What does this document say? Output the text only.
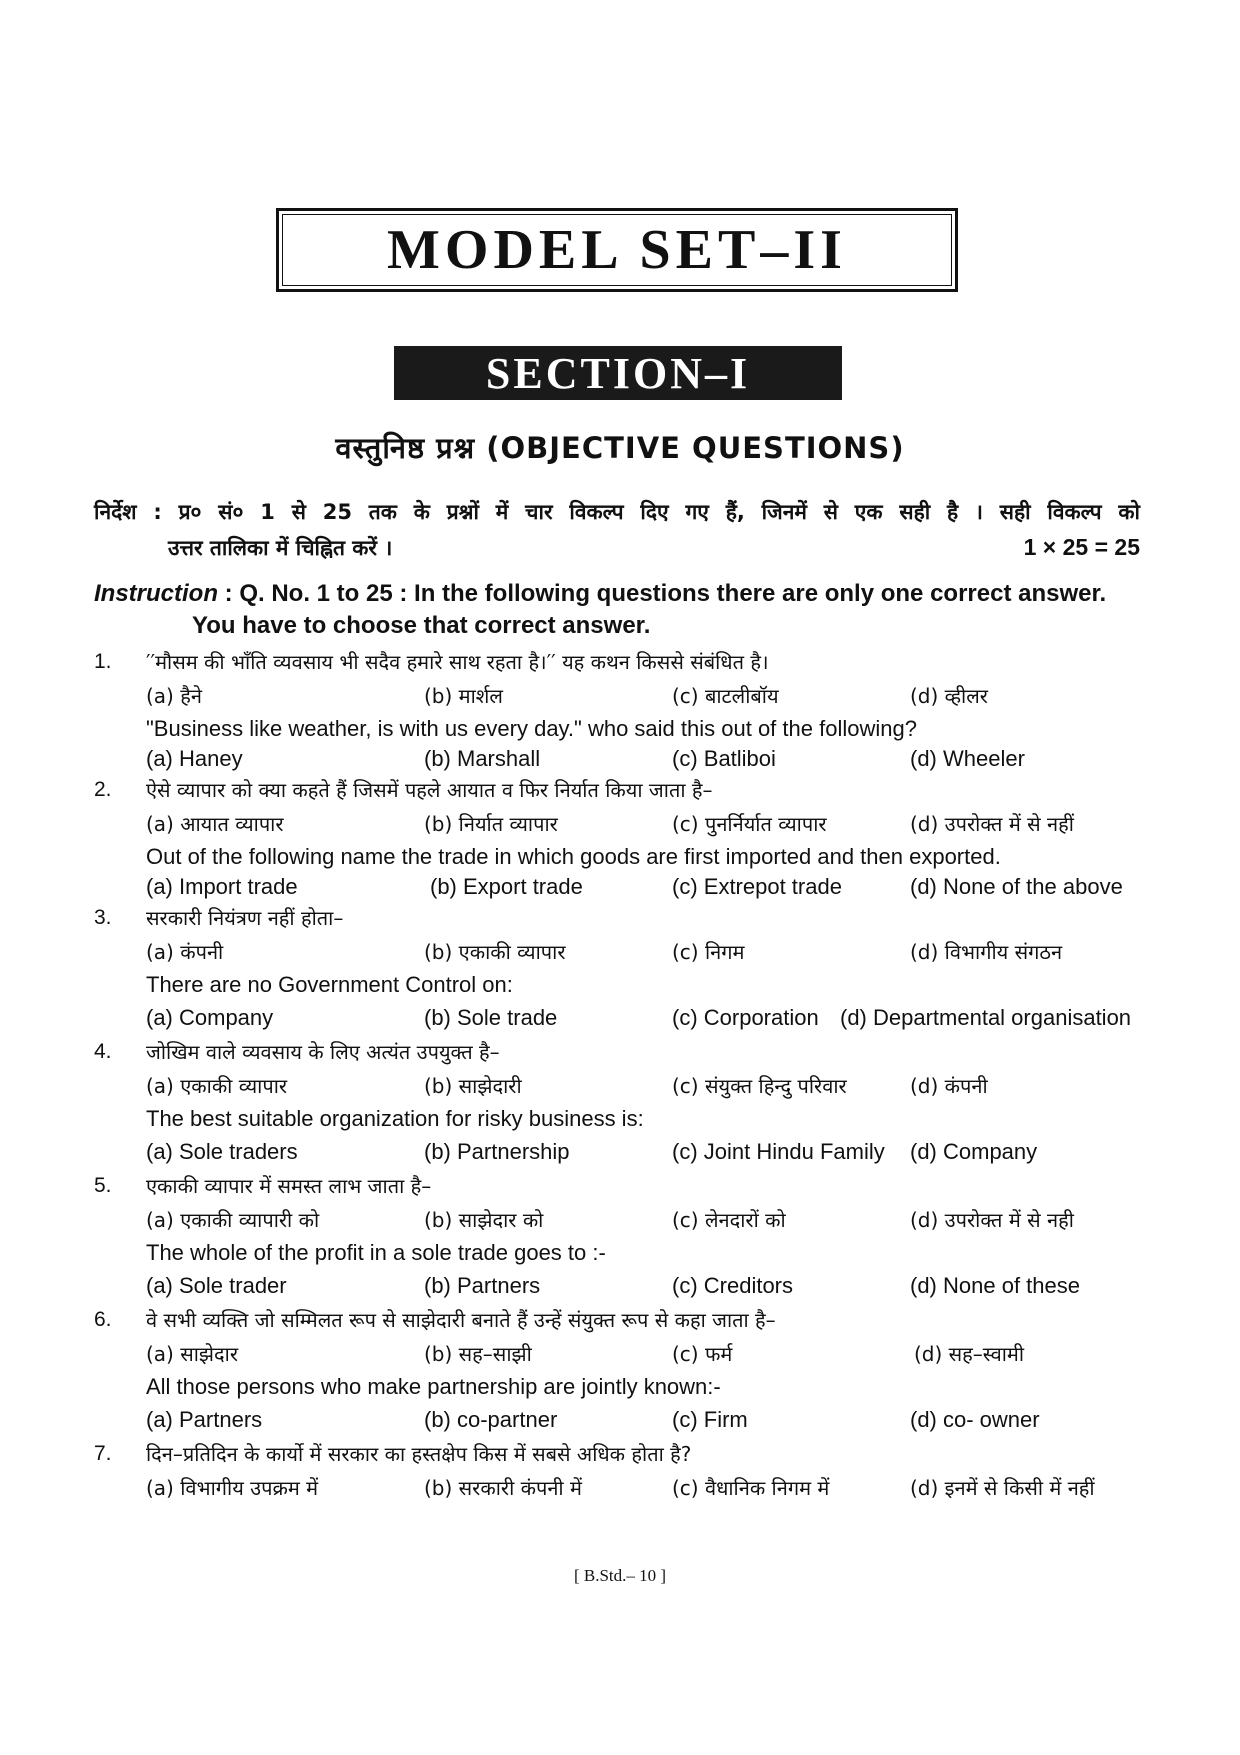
MODEL SET–II
SECTION–I
वस्तुनिष्ठ प्रश्न (OBJECTIVE QUESTIONS)
निर्देश : प्र० सं० 1 से 25 तक के प्रश्नों में चार विकल्प दिए गए हैं, जिनमें से एक सही है । सही विकल्प को
उत्तर तालिका में चिह्नित करें ।	1 × 25 = 25
Instruction : Q. No. 1 to 25 : In the following questions there are only one correct answer.
You have to choose that correct answer.
1.	′′मौसम की भाँति व्यवसाय भी सदैव हमारे साथ रहता है।′′ यह कथन किससे संबंधित है।
(a) हैने	(b) मार्शल	(c) बाटलीबॉय	(d) व्हीलर
"Business like weather, is with us every day." who said this out of the following?
(a) Haney	(b) Marshall	(c) Batliboi	(d) Wheeler
2.	ऐसे व्यापार को क्या कहते हैं जिसमें पहले आयात व फिर निर्यात किया जाता है–
(a) आयात व्यापार	(b) निर्यात व्यापार	(c) पुनर्निर्यात व्यापार	(d) उपरोक्त में से नहीं
Out of the following name the trade in which goods are first imported and then exported.
(a) Import trade	(b) Export trade	(c) Extrepot trade	(d) None of the above
3.	सरकारी नियंत्रण नहीं होता–
(a) कंपनी	(b) एकाकी व्यापार	(c) निगम	(d) विभागीय संगठन
There are no Government Control on:
(a) Company	(b) Sole trade	(c) Corporation (d) Departmental organisation
4.	जोखिम वाले व्यवसाय के लिए अत्यंत उपयुक्त है–
(a) एकाकी व्यापार	(b) साझेदारी	(c) संयुक्त हिन्दु परिवार	(d) कंपनी
The best suitable organization for risky business is:
(a) Sole traders	(b) Partnership	(c) Joint Hindu Family (d) Company
5.	एकाकी व्यापार में समस्त लाभ जाता है–
(a) एकाकी व्यापारी को	(b) साझेदार को	(c) लेनदारों को	(d) उपरोक्त में से नही
The whole of the profit in a sole trade goes to :-
(a) Sole trader	(b) Partners	(c) Creditors	(d) None of these
6.	वे सभी व्यक्ति जो सम्मिलत रूप से साझेदारी बनाते हैं उन्हें संयुक्त रूप से कहा जाता है–
(a) साझेदार	(b) सह–साझी	(c) फर्म	(d) सह–स्वामी
All those persons who make partnership are jointly known:-
(a) Partners	(b) co-partner	(c) Firm	(d) co- owner
7.	दिन–प्रतिदिन के कार्यो में सरकार का हस्तक्षेप किस में सबसे अधिक होता है?
(a) विभागीय उपक्रम में	(b) सरकारी कंपनी में	(c) वैधानिक निगम में	(d) इनमें से किसी में नहीं
[ B.Std.– 10 ]
